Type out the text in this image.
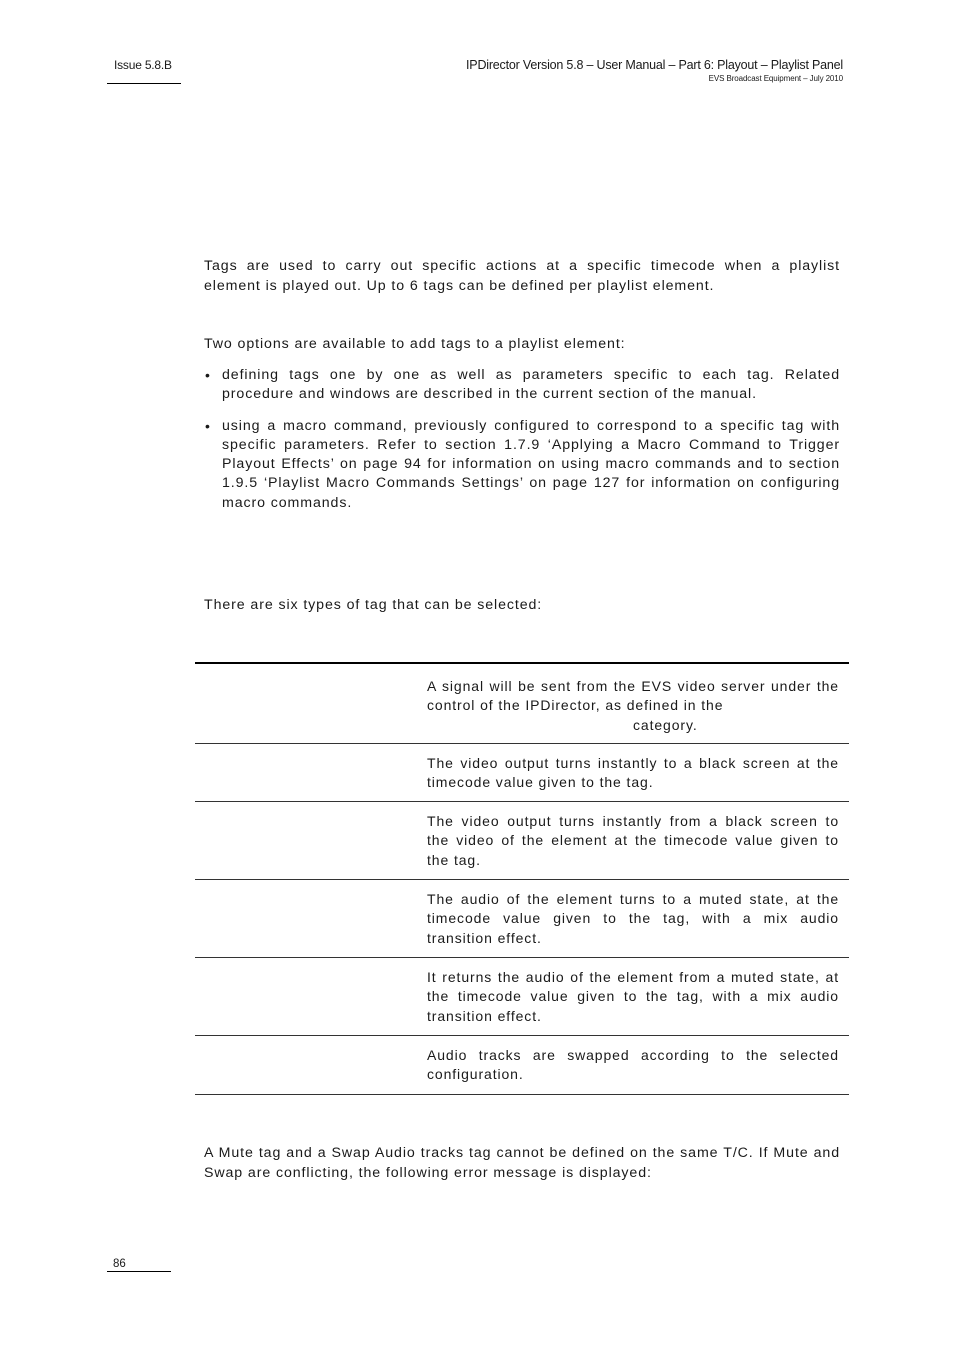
Issue 5.8.B	IPDirector Version 5.8 – User Manual – Part 6: Playout – Playlist Panel
EVS Broadcast Equipment – July 2010

Tags are used to carry out specific actions at a specific timecode when a playlist element is played out. Up to 6 tags can be defined per playlist element.

Two options are available to add tags to a playlist element:

• defining tags one by one as well as parameters specific to each tag. Related procedure and windows are described in the current section of the manual.
• using a macro command, previously configured to correspond to a specific tag with specific parameters. Refer to section 1.7.9 ‘Applying a Macro Command to Trigger Playout Effects’ on page 94 for information on using macro commands and to section 1.9.5 ‘Playlist Macro Commands Settings’ on page 127 for information on configuring macro commands.

There are six types of tag that can be selected:

A signal will be sent from the EVS video server under the control of the IPDirector, as defined in the
category.

The video output turns instantly to a black screen at the timecode value given to the tag.

The video output turns instantly from a black screen to the video of the element at the timecode value given to the tag.

The audio of the element turns to a muted state, at the timecode value given to the tag, with a mix audio transition effect.

It returns the audio of the element from a muted state, at the timecode value given to the tag, with a mix audio transition effect.

Audio tracks are swapped according to the selected configuration.

A Mute tag and a Swap Audio tracks tag cannot be defined on the same T/C. If Mute and Swap are conflicting, the following error message is displayed:

86
